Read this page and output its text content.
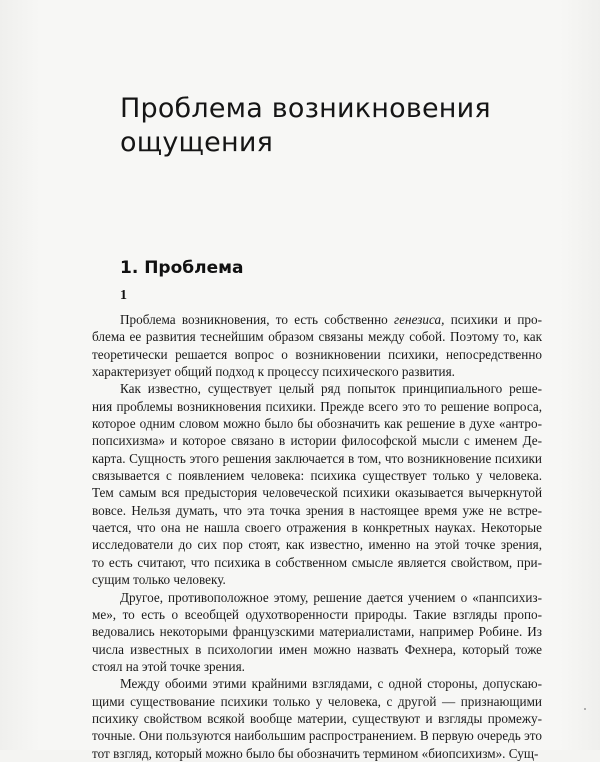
Проблема возникновения
ощущения
1. Проблема
1

Проблема возникновения, то есть собственно генезиса, психики и про-
блема ее развития теснейшим образом связаны между собой. Поэтому то, как
теоретически решается вопрос о возникновении психики, непосредственно
характеризует общий подход к процессу психического развития.

Как известно, существует целый ряд попыток принципиального реше-
ния проблемы возникновения психики. Прежде всего это то решение вопроса,
которое одним словом можно было бы обозначить как решение в духе «антро-
попсихизма» и которое связано в истории философской мысли с именем Де-
карта. Сущность этого решения заключается в том, что возникновение психики
связывается с появлением человека: психика существует только у человека.
Тем самым вся предыстория человеческой психики оказывается вычеркнутой
вовсе. Нельзя думать, что эта точка зрения в настоящее время уже не встре-
чается, что она не нашла своего отражения в конкретных науках. Некоторые
исследователи до сих пор стоят, как известно, именно на этой точке зрения,
то есть считают, что психика в собственном смысле является свойством, при-
сущим только человеку.

Другое, противоположное этому, решение дается учением о «панпсихиз-
ме», то есть о всеобщей одухотворенности природы. Такие взгляды пропо-
ведовались некоторыми французскими материалистами, например Робине. Из
числа известных в психологии имен можно назвать Фехнера, который тоже
стоял на этой точке зрения.

Между обоими этими крайними взглядами, с одной стороны, допускаю-
щими существование психики только у человека, с другой — признающими
психику свойством всякой вообще материи, существуют и взгляды промежу-
точные. Они пользуются наибольшим распространением. В первую очередь это
тот взгляд, который можно было бы обозначить термином «биопсихизм». Сущ-
